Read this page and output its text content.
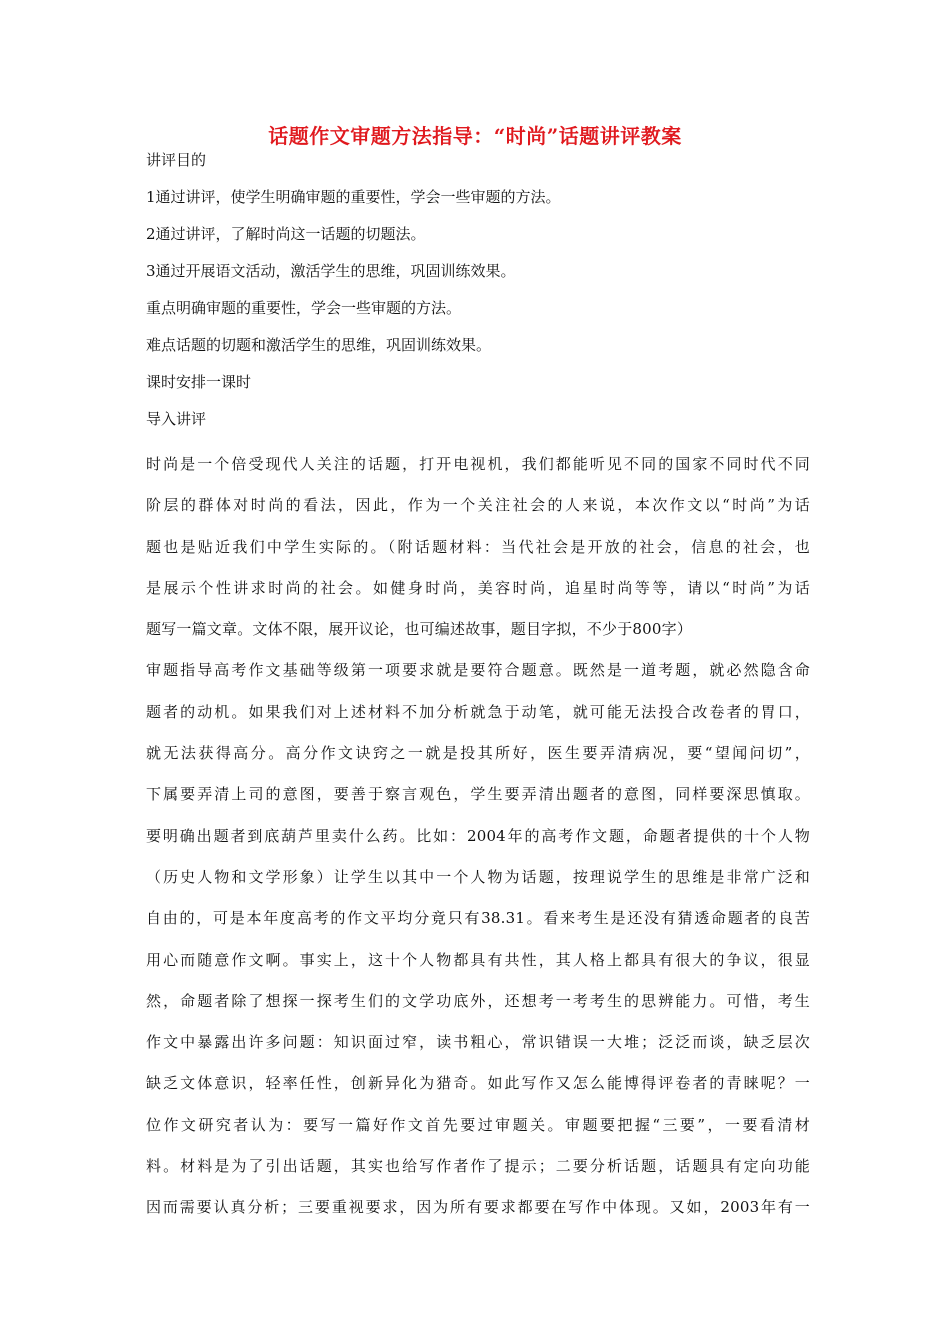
话题作文审题方法指导：“时尚”话题讲评教案
讲评目的
1通过讲评，使学生明确审题的重要性，学会一些审题的方法。
2通过讲评，了解时尚这一话题的切题法。
3通过开展语文活动，激活学生的思维，巩固训练效果。
重点明确审题的重要性，学会一些审题的方法。
难点话题的切题和激活学生的思维，巩固训练效果。
课时安排一课时
导入讲评
时尚是一个倍受现代人关注的话题，打开电视机，我们都能听见不同的国家不同时代不同
阶层的群体对时尚的看法，因此，作为一个关注社会的人来说，本次作文以“时尚”为话
题也是贴近我们中学生实际的。（附话题材料：当代社会是开放的社会，信息的社会，也
是展示个性讲求时尚的社会。如健身时尚，美容时尚，追星时尚等等，请以“时尚”为话
题写一篇文章。文体不限，展开议论，也可编述故事，题目字拟，不少于800字）
审题指导高考作文基础等级第一项要求就是要符合题意。既然是一道考题，就必然隐含命
题者的动机。如果我们对上述材料不加分析就急于动笔，就可能无法投合改卷者的胃口，
就无法获得高分。高分作文诀窍之一就是投其所好，医生要弄清病况，要“望闻问切”，
下属要弄清上司的意图，要善于察言观色，学生要弄清出题者的意图，同样要深思慎取。
要明确出题者到底葫芦里卖什么药。比如：2004年的高考作文题，命题者提供的十个人物
（历史人物和文学形象）让学生以其中一个人物为话题，按理说学生的思维是非常广泛和
自由的，可是本年度高考的作文平均分竟只有38.31。看来考生是还没有猜透命题者的良苦
用心而随意作文啊。事实上，这十个人物都具有共性，其人格上都具有很大的争议，很显
然，命题者除了想探一探考生们的文学功底外，还想考一考考生的思辨能力。可惜，考生
作文中暴露出许多问题：知识面过窄，读书粗心，常识错误一大堆；泛泛而谈，缺乏层次
缺乏文体意识，轻率任性，创新异化为猎奇。如此写作又怎么能博得评卷者的青睐呢？一
位作文研究者认为：要写一篇好作文首先要过审题关。审题要把握“三要”，一要看清材
料。材料是为了引出话题，其实也给写作者作了提示；二要分析话题，话题具有定向功能
因而需要认真分析；三要重视要求，因为所有要求都要在写作中体现。又如，2003年有一
